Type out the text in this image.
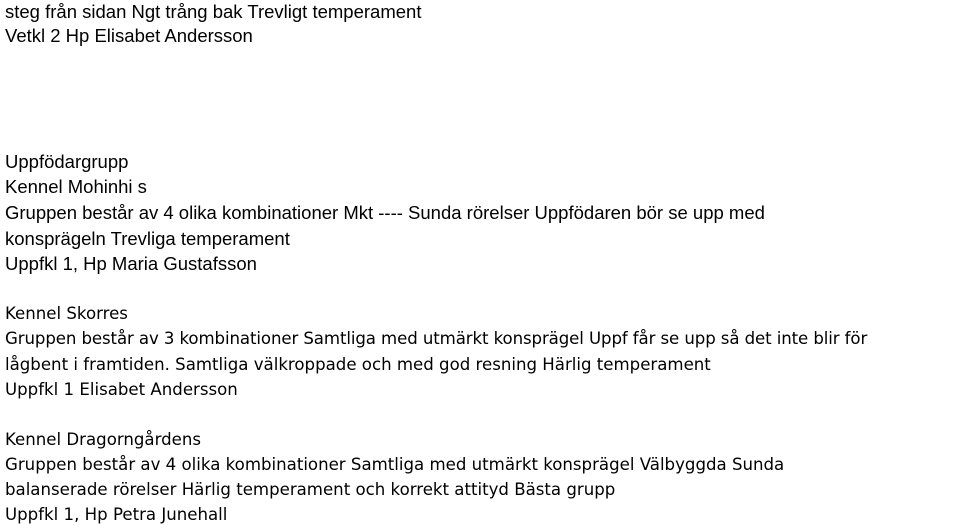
steg från sidan Ngt trång bak Trevligt temperament
Vetkl 2 Hp Elisabet Andersson
Uppfödargrupp
Kennel Mohinhi s
Gruppen består av 4 olika kombinationer Mkt ---- Sunda rörelser Uppfödaren bör se upp med
konsprägeln Trevliga temperament
Uppfkl 1, Hp Maria Gustafsson
Kennel Skorres
Gruppen består av 3 kombinationer Samtliga med utmärkt konsprägel Uppf får se upp så det inte blir för
lågbent i framtiden. Samtliga välkroppade och med god resning Härlig temperament
Uppfkl 1 Elisabet Andersson
Kennel Dragorngårdens
Gruppen består av 4 olika kombinationer Samtliga med utmärkt konsprägel Välbyggda Sunda
balanserade rörelser Härlig temperament och korrekt attityd Bästa grupp
Uppfkl 1, Hp Petra Junehall
